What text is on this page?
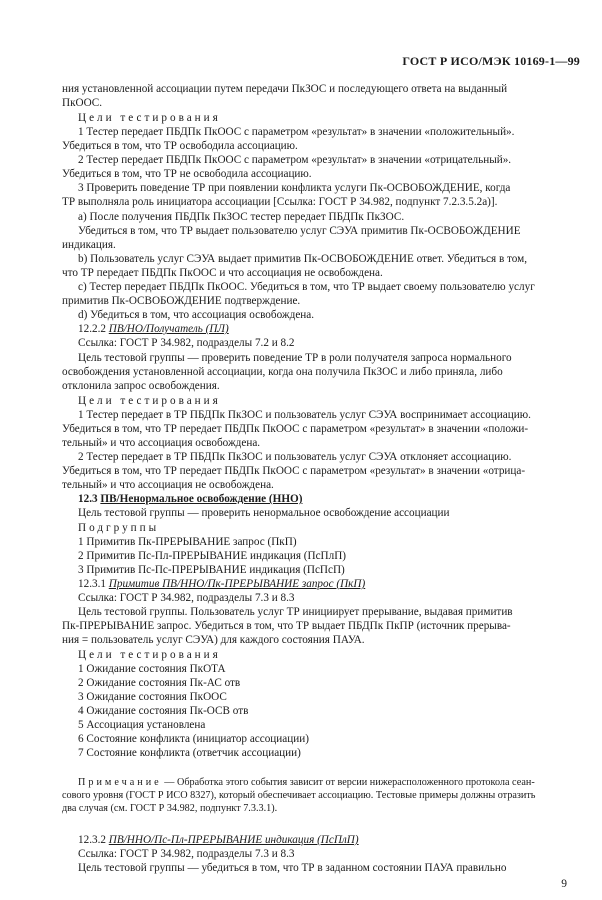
ГОСТ Р ИСО/МЭК 10169-1—99

ния установленной ассоциации путем передачи ПкЗОС и последующего ответа на выданный

ПкООС.

Цели тестирования

1 Тестер передает ПБДПк ПкООС с параметром «результат» в значении «положительный».

Убедиться в том, что ТР освободила ассоциацию.

2 Тестер передает ПБДПк ПкООС с параметром «результат» в значении «отрицательный».

Убедиться в том, что ТР не освободила ассоциацию.

3 Проверить поведение ТР при появлении конфликта услуги Пк-ОСВОБОЖДЕНИЕ, когда

ТР выполняла роль инициатора ассоциации [Ссылка: ГОСТ Р 34.982, подпункт 7.2.3.5.2а)].

а) После получения ПБДПк ПкЗОС тестер передает ПБДПк ПкЗОС.

Убедиться в том, что ТР выдает пользователю услуг СЭУА примитив Пк-ОСВОБОЖДЕНИЕ

индикация.

b) Пользователь услуг СЭУА выдает примитив Пк-ОСВОБОЖДЕНИЕ ответ. Убедиться в том,

что ТР передает ПБДПк ПкООС и что ассоциация не освобождена.

с) Тестер передает ПБДПк ПкООС. Убедиться в том, что ТР выдает своему пользователю услуг

примитив Пк-ОСВОБОЖДЕНИЕ подтверждение.

d) Убедиться в том, что ассоциация освобождена.

12.2.2 ПВ/НО/Получатель (ПЛ)

Ссылка: ГОСТ Р 34.982, подразделы 7.2 и 8.2

Цель тестовой группы — проверить поведение ТР в роли получателя запроса нормального

освобождения установленной ассоциации, когда она получила ПкЗОС и либо приняла, либо

отклонила запрос освобождения.

Цели тестирования

1 Тестер передает в ТР ПБДПк ПкЗОС и пользователь услуг СЭУА воспринимает ассоциацию.

Убедиться в том, что ТР передает ПБДПк ПкООС с параметром «результат» в значении «положи-

тельный» и что ассоциация освобождена.

2 Тестер передает в ТР ПБДПк ПкЗОС и пользователь услуг СЭУА отклоняет ассоциацию.

Убедиться в том, что ТР передает ПБДПк ПкООС с параметром «результат» в значении «отрица-

тельный» и что ассоциация не освобождена.

12.3 ПВ/Ненормальное освобождение (ННО)

Цель тестовой группы — проверить ненормальное освобождение ассоциации

Подгруппы

1 Примитив Пк-ПРЕРЫВАНИЕ запрос (ПкП)

2 Примитив Пс-Пл-ПРЕРЫВАНИЕ индикация (ПсПлП)

3 Примитив Пс-Пс-ПРЕРЫВАНИЕ индикация (ПсПсП)

12.3.1 Примитив ПВ/ННО/Пк-ПРЕРЫВАНИЕ запрос (ПкП)

Ссылка: ГОСТ Р 34.982, подразделы 7.3 и 8.3

Цель тестовой группы. Пользователь услуг ТР инициирует прерывание, выдавая примитив

Пк-ПРЕРЫВАНИЕ запрос. Убедиться в том, что ТР выдает ПБДПк ПкПР (источник прерыва-

ния = пользователь услуг СЭУА) для каждого состояния ПАУА.

Цели тестирования

1 Ожидание состояния ПкОТА

2 Ожидание состояния Пк-АС отв

3 Ожидание состояния ПкООС

4 Ожидание состояния Пк-ОСВ отв

5 Ассоциация установлена

6 Состояние конфликта (инициатор ассоциации)

7 Состояние конфликта (ответчик ассоциации)

Примечание — Обработка этого события зависит от версии нижерасположенного протокола сеан-

сового уровня (ГОСТ Р ИСО 8327), который обеспечивает ассоциацию. Тестовые примеры должны отразить

два случая (см. ГОСТ Р 34.982, подпункт 7.3.3.1).

12.3.2 ПВ/ННО/Пс-Пл-ПРЕРЫВАНИЕ индикация (ПсПлП)

Ссылка: ГОСТ Р 34.982, подразделы 7.3 и 8.3

Цель тестовой группы — убедиться в том, что ТР в заданном состоянии ПАУА правильно

9
